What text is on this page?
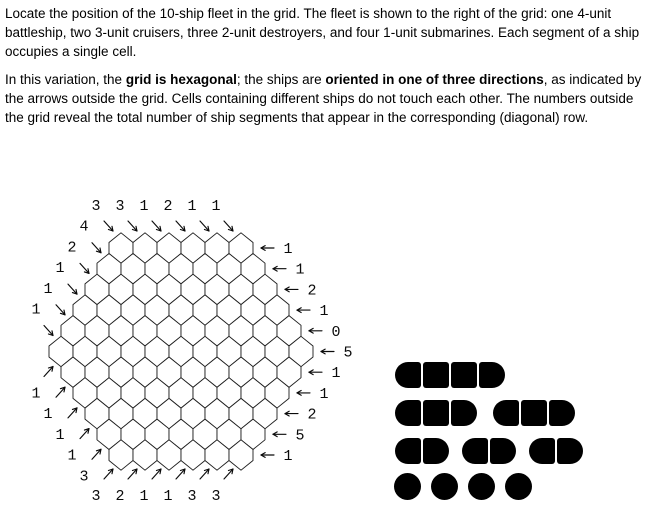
Locate the position of the 10-ship fleet in the grid. The fleet is shown to the right of the grid: one 4-unit battleship, two 3-unit cruisers, three 2-unit destroyers, and four 1-unit submarines. Each segment of a ship occupies a single cell.

In this variation, the grid is hexagonal; the ships are oriented in one of three directions, as indicated by the arrows outside the grid. Cells containing different ships do not touch each other. The numbers outside the grid reveal the total number of ship segments that appear in the corresponding (diagonal) row.

1
1
2
1
0
5
1
1
2
5
1
3 3 1 2 1 1
4
2
1
1
1
1
1
1
1
3
3 2 1 1 3 3
